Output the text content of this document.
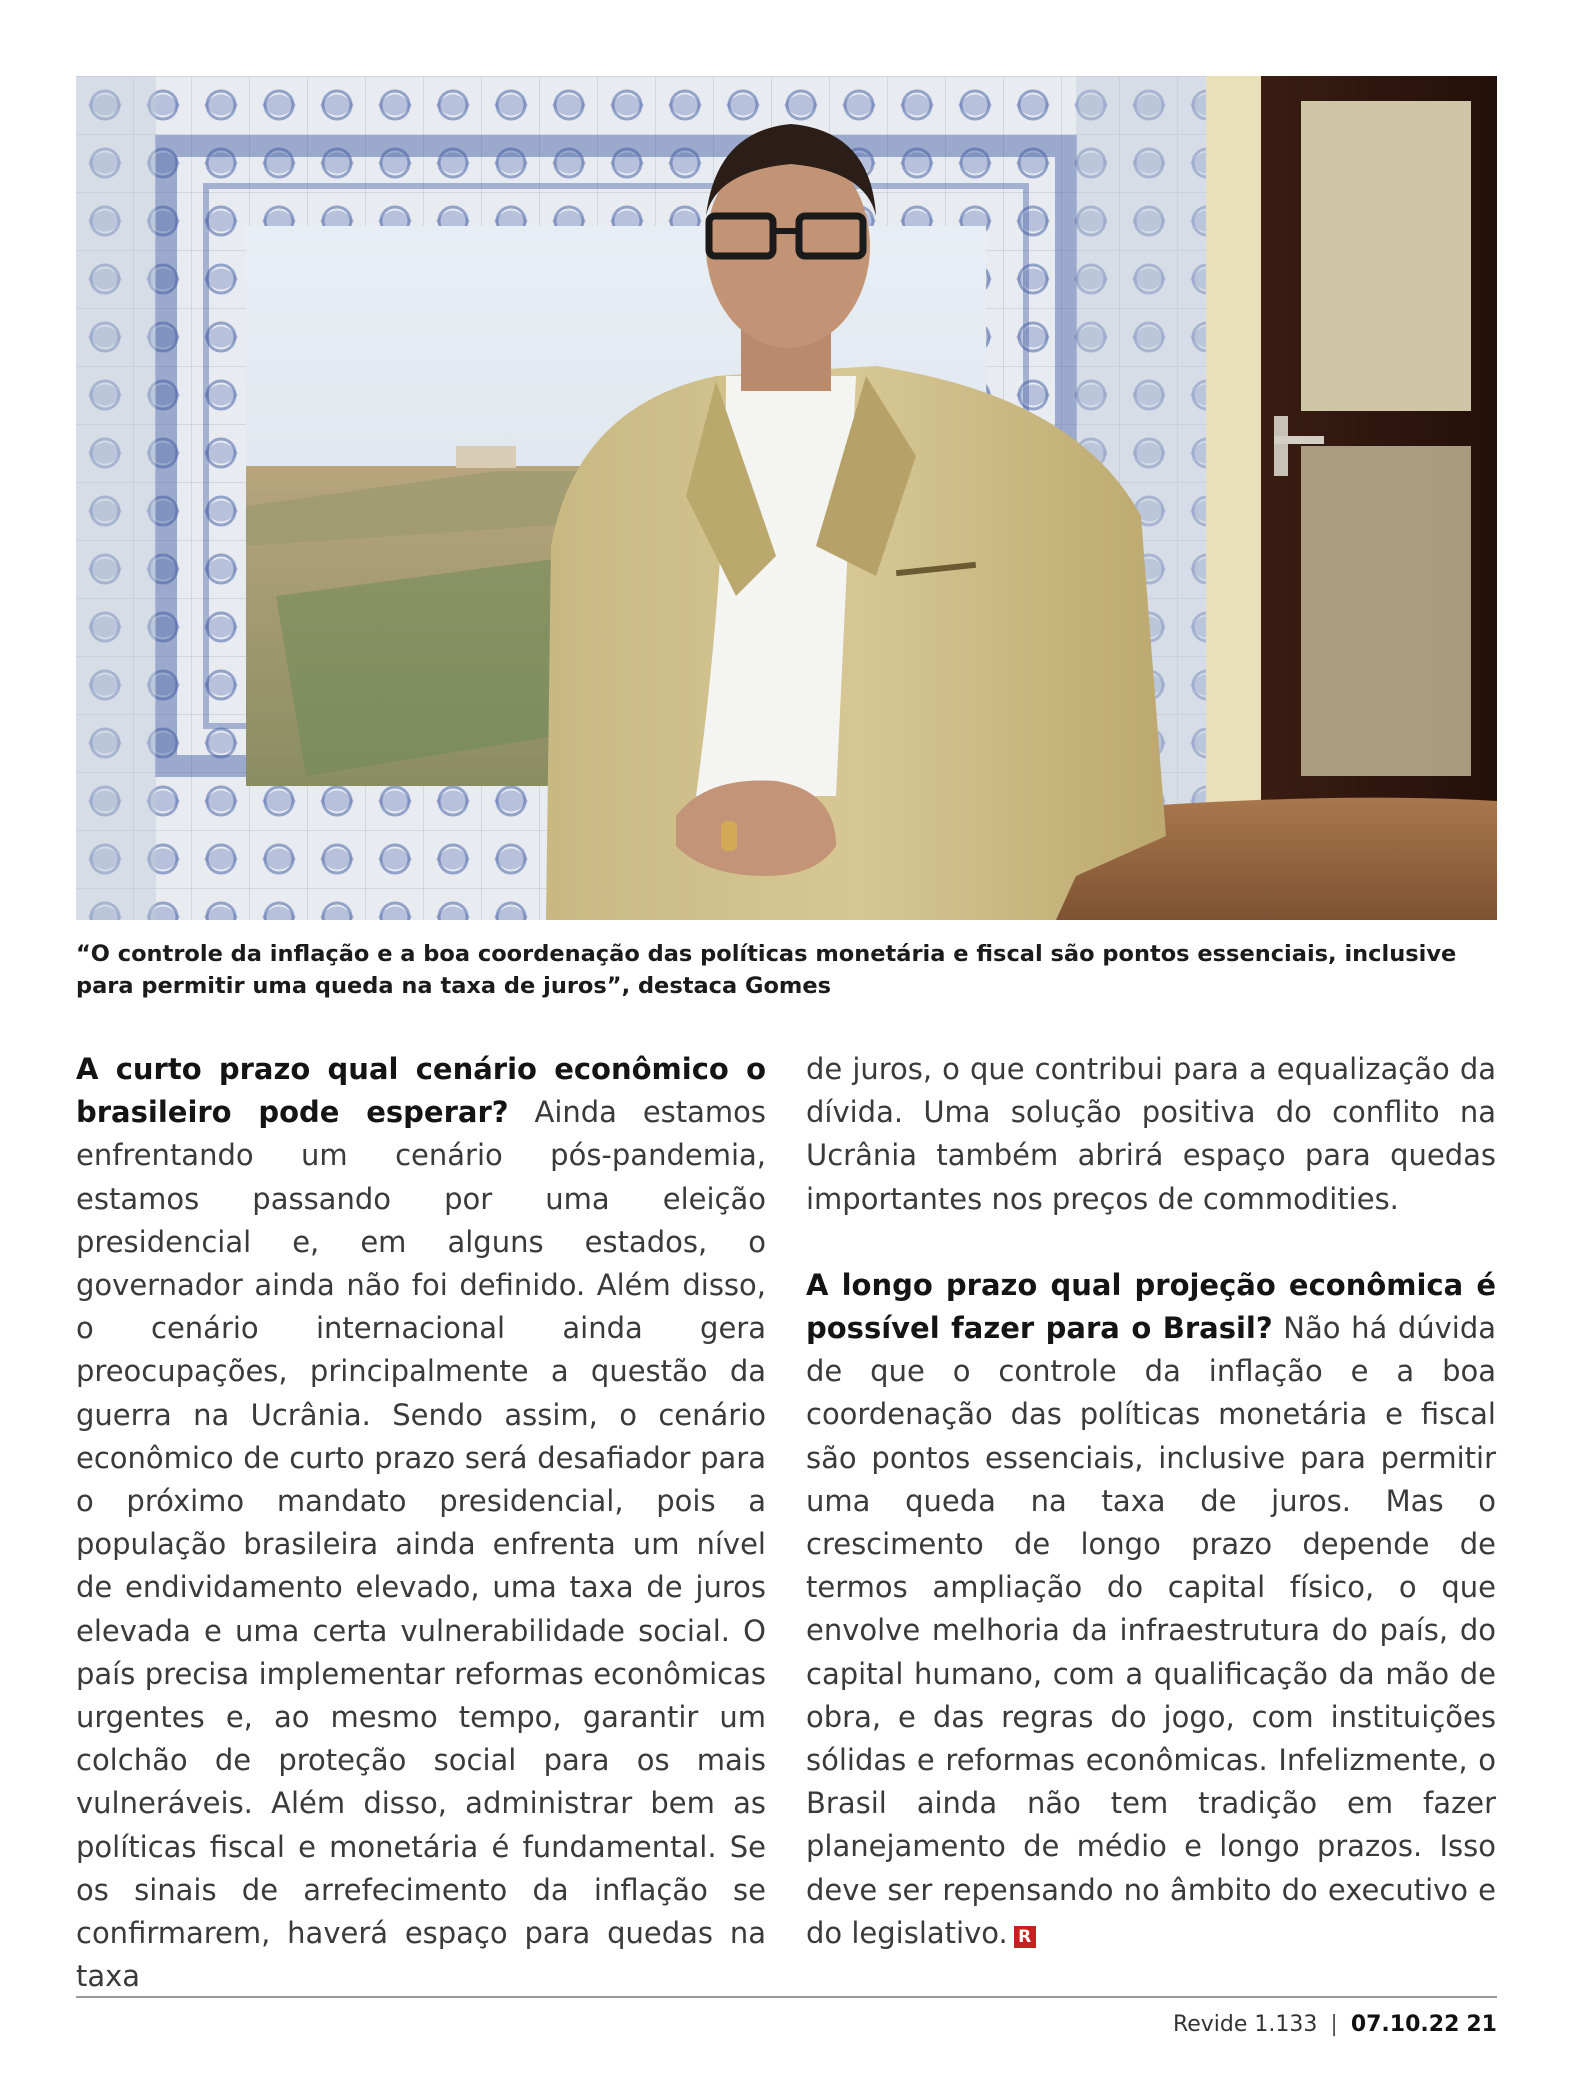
“O controle da inflação e a boa coordenação das políticas monetária e fiscal são pontos essenciais, inclusive para permitir uma queda na taxa de juros”, destaca Gomes

A curto prazo qual cenário econômico o brasileiro pode esperar? Ainda estamos enfrentando um cenário pós-pandemia, estamos passando por uma eleição presidencial e, em alguns estados, o governador ainda não foi definido. Além disso, o cenário internacional ainda gera preocupações, principalmente a questão da guerra na Ucrânia. Sendo assim, o cenário econômico de curto prazo será desafiador para o próximo mandato presidencial, pois a população brasileira ainda enfrenta um nível de endividamento elevado, uma taxa de juros elevada e uma certa vulnerabilidade social. O país precisa implementar reformas econômicas urgentes e, ao mesmo tempo, garantir um colchão de proteção social para os mais vulneráveis. Além disso, administrar bem as políticas fiscal e monetária é fundamental. Se os sinais de arrefecimento da inflação se confirmarem, haverá espaço para quedas na taxa

de juros, o que contribui para a equalização da dívida. Uma solução positiva do conflito na Ucrânia também abrirá espaço para quedas importantes nos preços de commodities.

A longo prazo qual projeção econômica é possível fazer para o Brasil? Não há dúvida de que o controle da inflação e a boa coordenação das políticas monetária e fiscal são pontos essenciais, inclusive para permitir uma queda na taxa de juros. Mas o crescimento de longo prazo depende de termos ampliação do capital físico, o que envolve melhoria da infraestrutura do país, do capital humano, com a qualificação da mão de obra, e das regras do jogo, com instituições sólidas e reformas econômicas. Infelizmente, o Brasil ainda não tem tradição em fazer planejamento de médio e longo prazos. Isso deve ser repensando no âmbito do executivo e do legislativo. R

Revide 1.133 | 07.10.22 21
